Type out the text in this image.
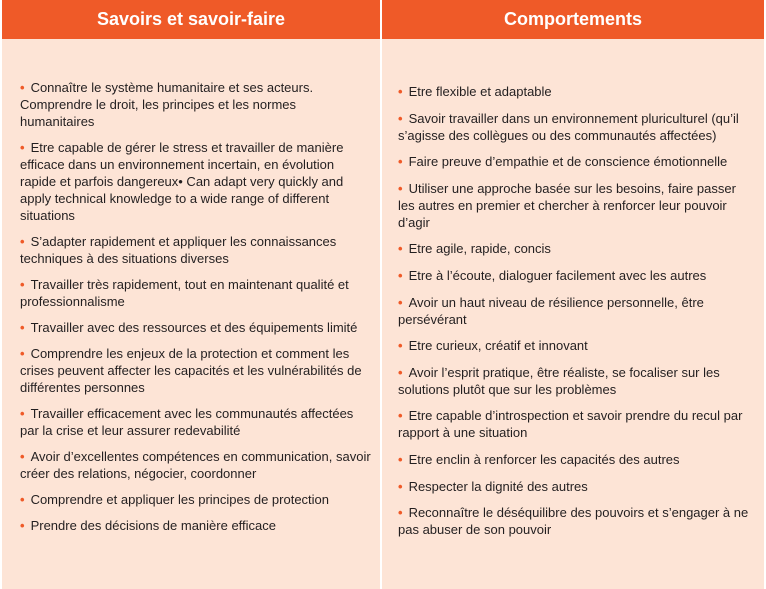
Savoirs et savoir-faire	Comportements
• Connaître le système humanitaire et ses acteurs. Comprendre le droit, les principes et les normes humanitaires
• Etre capable de gérer le stress et travailler de manière efficace dans un environnement incertain, en évolution rapide et parfois dangereux• Can adapt very quickly and apply technical knowledge to a wide range of different situations
• S’adapter rapidement et appliquer les connaissances techniques à des situations diverses
• Travailler très rapidement, tout en maintenant qualité et professionnalisme
• Travailler avec des ressources et des équipements limité
• Comprendre les enjeux de la protection et comment les crises peuvent affecter les capacités et les vulnérabilités de différentes personnes
• Travailler efficacement avec les communautés affectées par la crise et leur assurer redevabilité
• Avoir d’excellentes compétences en communication, savoir créer des relations, négocier, coordonner
• Comprendre et appliquer les principes de protection
• Prendre des décisions de manière efficace
• Etre flexible et adaptable
• Savoir travailler dans un environnement pluriculturel (qu’il s’agisse des collègues ou des communautés affectées)
• Faire preuve d’empathie et de conscience émotionnelle
• Utiliser une approche basée sur les besoins, faire passer les autres en premier et chercher à renforcer leur pouvoir d’agir
• Etre agile, rapide, concis
• Etre à l’écoute, dialoguer facilement avec les autres
• Avoir un haut niveau de résilience personnelle, être persévérant
• Etre curieux, créatif et innovant
• Avoir l’esprit pratique, être réaliste, se focaliser sur les solutions plutôt que sur les problèmes
• Etre capable d’introspection et savoir prendre du recul par rapport à une situation
• Etre enclin à renforcer les capacités des autres
• Respecter la dignité des autres
• Reconnaître le déséquilibre des pouvoirs et s’engager à ne pas abuser de son pouvoir
